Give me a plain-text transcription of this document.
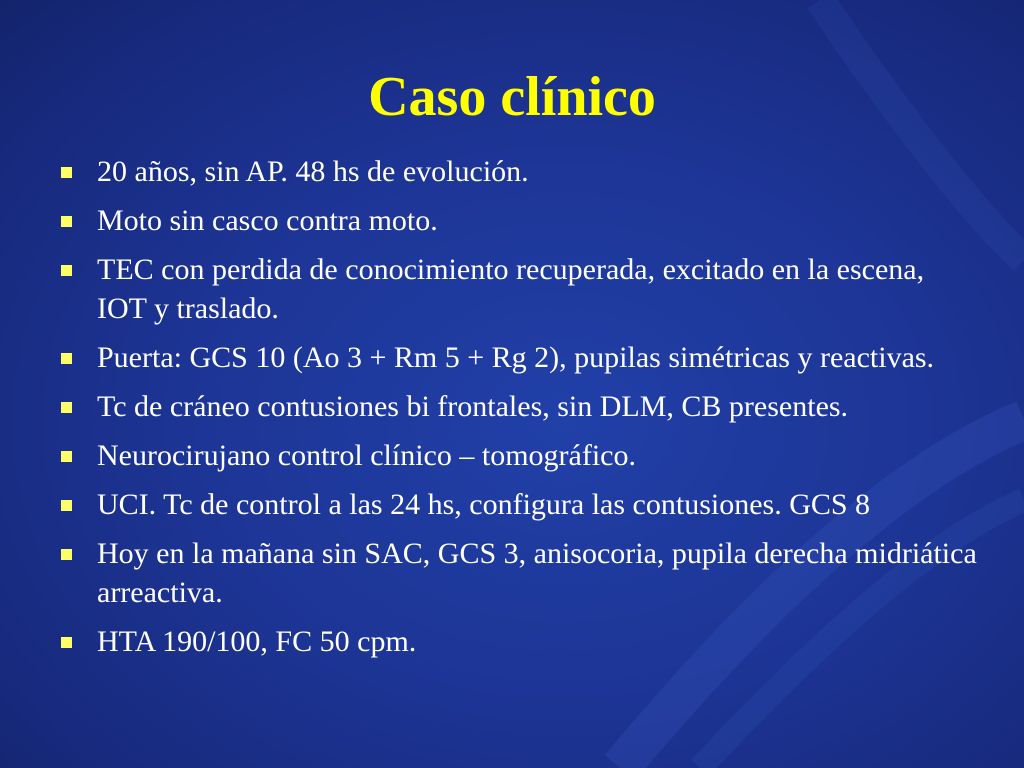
Caso clínico
20 años, sin AP. 48 hs de evolución.
Moto sin casco contra moto.
TEC con perdida de conocimiento recuperada, excitado en la escena, IOT y traslado.
Puerta: GCS 10 (Ao 3 + Rm 5 + Rg 2), pupilas simétricas y reactivas.
Tc de cráneo contusiones bi frontales, sin DLM, CB presentes.
Neurocirujano control clínico – tomográfico.
UCI. Tc de control a las 24 hs, configura las contusiones. GCS 8
Hoy en la mañana sin SAC, GCS 3, anisocoria, pupila derecha midriática arreactiva.
HTA 190/100, FC 50 cpm.
